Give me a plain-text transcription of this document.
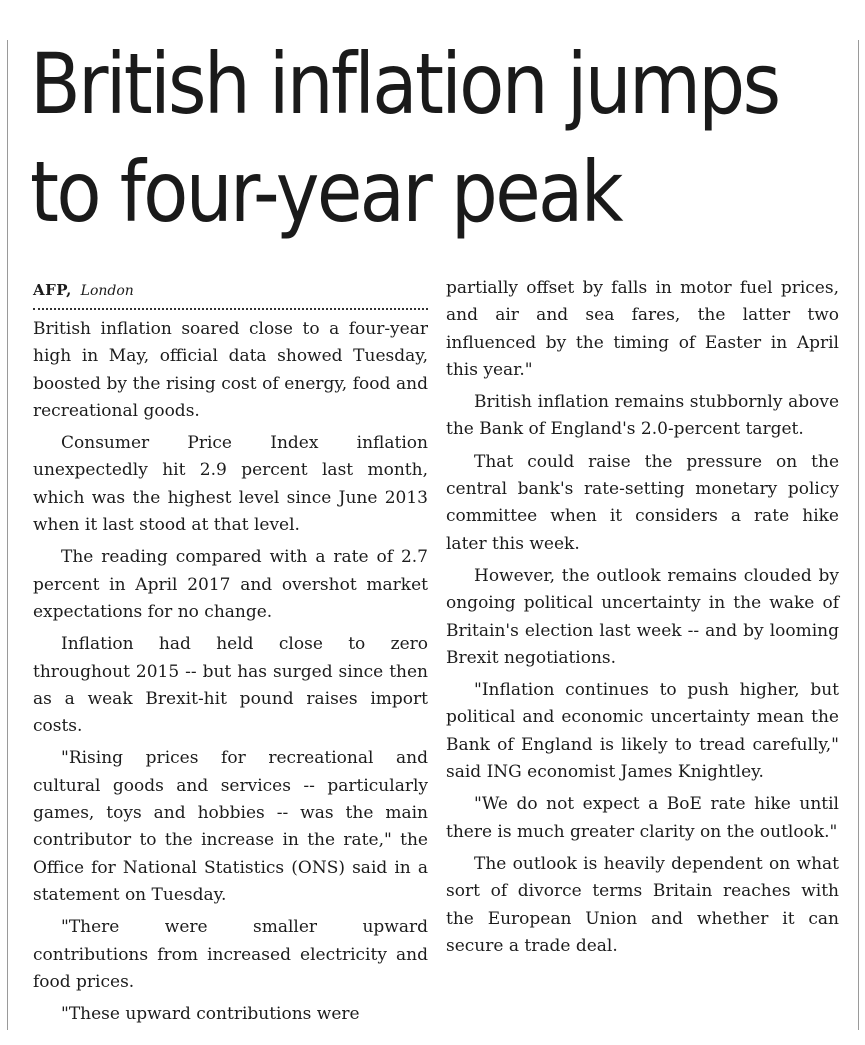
British inflation jumps
to four-year peak
AFP, London

British inflation soared close to a four-year high in May, official data showed Tuesday, boosted by the rising cost of energy, food and recreational goods.

Consumer Price Index inflation unexpectedly hit 2.9 percent last month, which was the highest level since June 2013 when it last stood at that level.

The reading compared with a rate of 2.7 percent in April 2017 and overshot market expectations for no change.

Inflation had held close to zero throughout 2015 -- but has surged since then as a weak Brexit-hit pound raises import costs.

"Rising prices for recreational and cultural goods and services -- particularly games, toys and hobbies -- was the main contributor to the increase in the rate," the Office for National Statistics (ONS) said in a statement on Tuesday.

"There were smaller upward contributions from increased electricity and food prices.

"These upward contributions were

partially offset by falls in motor fuel prices, and air and sea fares, the latter two influenced by the timing of Easter in April this year."

British inflation remains stubbornly above the Bank of England's 2.0-percent target.

That could raise the pressure on the central bank's rate-setting monetary policy committee when it considers a rate hike later this week.

However, the outlook remains clouded by ongoing political uncertainty in the wake of Britain's election last week -- and by looming Brexit negotiations.

"Inflation continues to push higher, but political and economic uncertainty mean the Bank of England is likely to tread carefully," said ING economist James Knightley.

"We do not expect a BoE rate hike until there is much greater clarity on the outlook."

The outlook is heavily dependent on what sort of divorce terms Britain reaches with the European Union and whether it can secure a trade deal.
